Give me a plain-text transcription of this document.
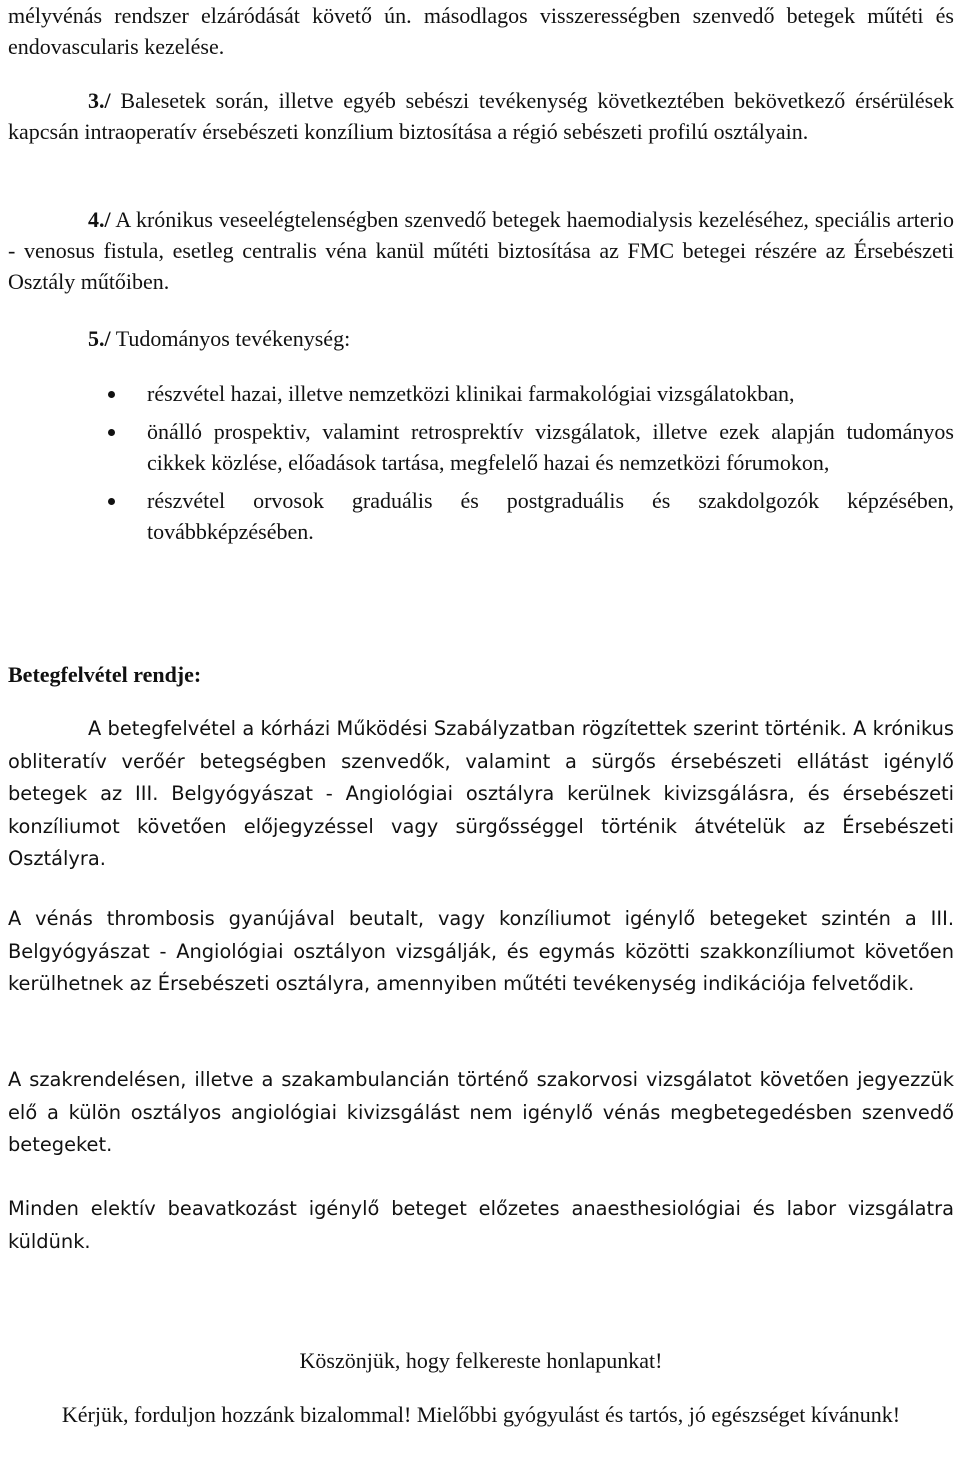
mélyvénás rendszer elzáródását követő ún. másodlagos visszerességben szenvedő betegek műtéti és endovascularis kezelése.

3./ Balesetek során, illetve egyéb sebészi tevékenység következtében bekövetkező érsérülések kapcsán intraoperatív érsebészeti konzílium biztosítása a régió sebészeti profilú osztályain.

4./ A krónikus veseelégtelenségben szenvedő betegek haemodialysis kezeléséhez, speciális arterio - venosus fistula, esetleg centralis véna kanül műtéti biztosítása az FMC betegei részére az Érsebészeti Osztály műtőiben.

5./ Tudományos tevékenység:

részvétel hazai, illetve nemzetközi klinikai farmakológiai vizsgálatokban,
önálló prospektiv, valamint retrosprektív vizsgálatok, illetve ezek alapján tudományos cikkek közlése, előadások tartása, megfelelő hazai és nemzetközi fórumokon,
részvétel orvosok graduális és postgraduális és szakdolgozók képzésében, továbbképzésében.
Betegfelvétel rendje:

A betegfelvétel a kórházi Működési Szabályzatban rögzítettek szerint történik. A krónikus obliteratív verőér betegségben szenvedők, valamint a sürgős érsebészeti ellátást igénylő betegek az III. Belgyógyászat - Angiológiai osztályra kerülnek kivizsgálásra, és érsebészeti konzíliumot követően előjegyzéssel vagy sürgősséggel történik átvételük az Érsebészeti Osztályra.

A vénás thrombosis gyanújával beutalt, vagy konzíliumot igénylő betegeket szintén a III. Belgyógyászat - Angiológiai osztályon vizsgálják, és egymás közötti szakkonzíliumot követően kerülhetnek az Érsebészeti osztályra, amennyiben műtéti tevékenység indikációja felvetődik.

A szakrendelésen, illetve a szakambulancián történő szakorvosi vizsgálatot követően jegyezzük elő a külön osztályos angiológiai kivizsgálást nem igénylő vénás megbetegedésben szenvedő betegeket.

Minden elektív beavatkozást igénylő beteget előzetes anaesthesiológiai és labor vizsgálatra küldünk.

Köszönjük, hogy felkereste honlapunkat!

Kérjük, forduljon hozzánk bizalommal! Mielőbbi gyógyulást és tartós, jó egészséget kívánunk!
